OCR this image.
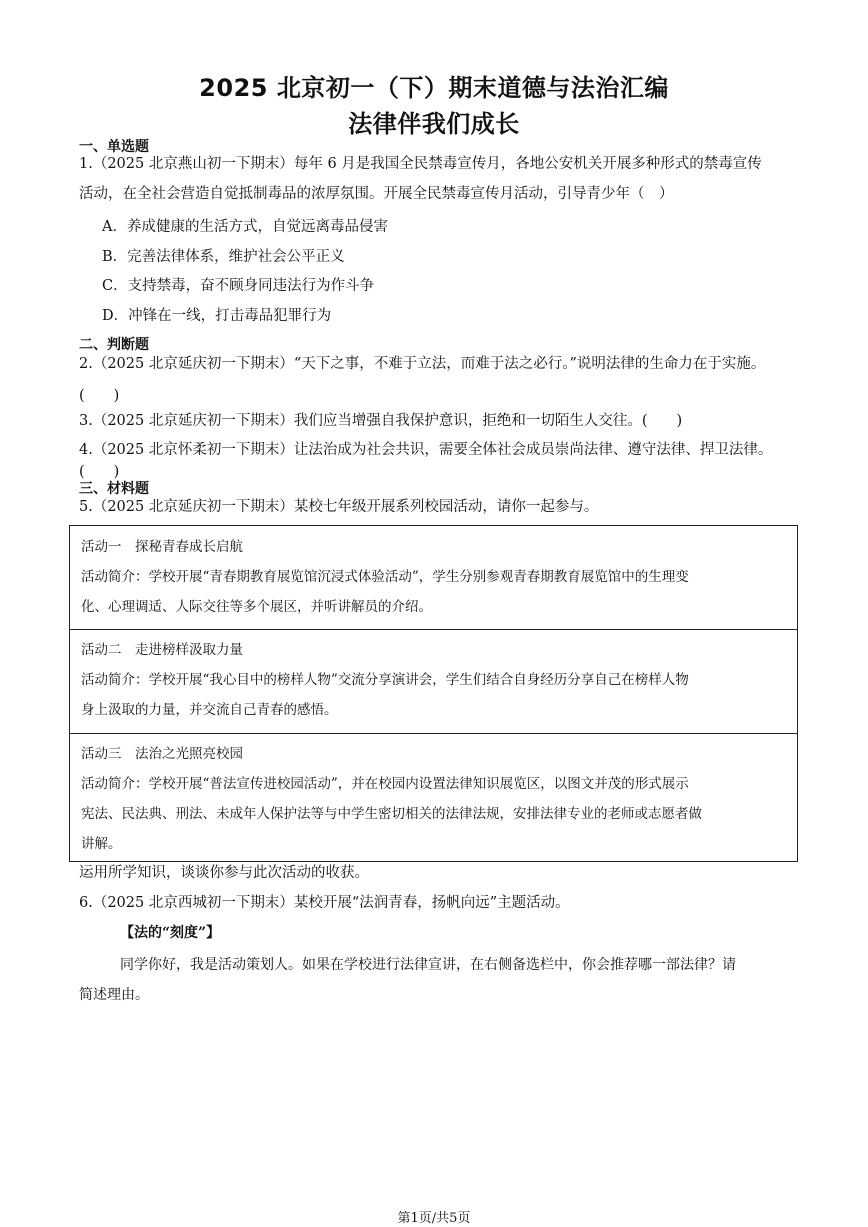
2025 北京初一（下）期末道德与法治汇编
法律伴我们成长
一、单选题
1.（2025 北京燕山初一下期末）每年 6 月是我国全民禁毒宣传月，各地公安机关开展多种形式的禁毒宣传
活动，在全社会营造自觉抵制毒品的浓厚氛围。开展全民禁毒宣传月活动，引导青少年（　）
A．养成健康的生活方式，自觉远离毒品侵害
B．完善法律体系，维护社会公平正义
C．支持禁毒，奋不顾身同违法行为作斗争
D．冲锋在一线，打击毒品犯罪行为
二、判断题
2.（2025 北京延庆初一下期末）“天下之事，不难于立法，而难于法之必行。”说明法律的生命力在于实施。
(　　)
3.（2025 北京延庆初一下期末）我们应当增强自我保护意识，拒绝和一切陌生人交往。(　　)
4.（2025 北京怀柔初一下期末）让法治成为社会共识，需要全体社会成员崇尚法律、遵守法律、捍卫法律。
(　　)
三、材料题
5.（2025 北京延庆初一下期末）某校七年级开展系列校园活动，请你一起参与。
活动一　探秘青春成长启航
活动简介：学校开展“青春期教育展览馆沉浸式体验活动”，学生分别参观青春期教育展览馆中的生理变
化、心理调适、人际交往等多个展区，并听讲解员的介绍。
活动二　走进榜样汲取力量
活动简介：学校开展“我心目中的榜样人物”交流分享演讲会，学生们结合自身经历分享自己在榜样人物
身上汲取的力量，并交流自己青春的感悟。
活动三　法治之光照亮校园
活动简介：学校开展“普法宣传进校园活动”，并在校园内设置法律知识展览区，以图文并茂的形式展示
宪法、民法典、刑法、未成年人保护法等与中学生密切相关的法律法规，安排法律专业的老师或志愿者做
讲解。
运用所学知识，谈谈你参与此次活动的收获。
6.（2025 北京西城初一下期末）某校开展“法润青春，扬帆向远”主题活动。
【法的“刻度”】
同学你好，我是活动策划人。如果在学校进行法律宣讲，在右侧备选栏中，你会推荐哪一部法律？请
简述理由。
第1页/共5页
